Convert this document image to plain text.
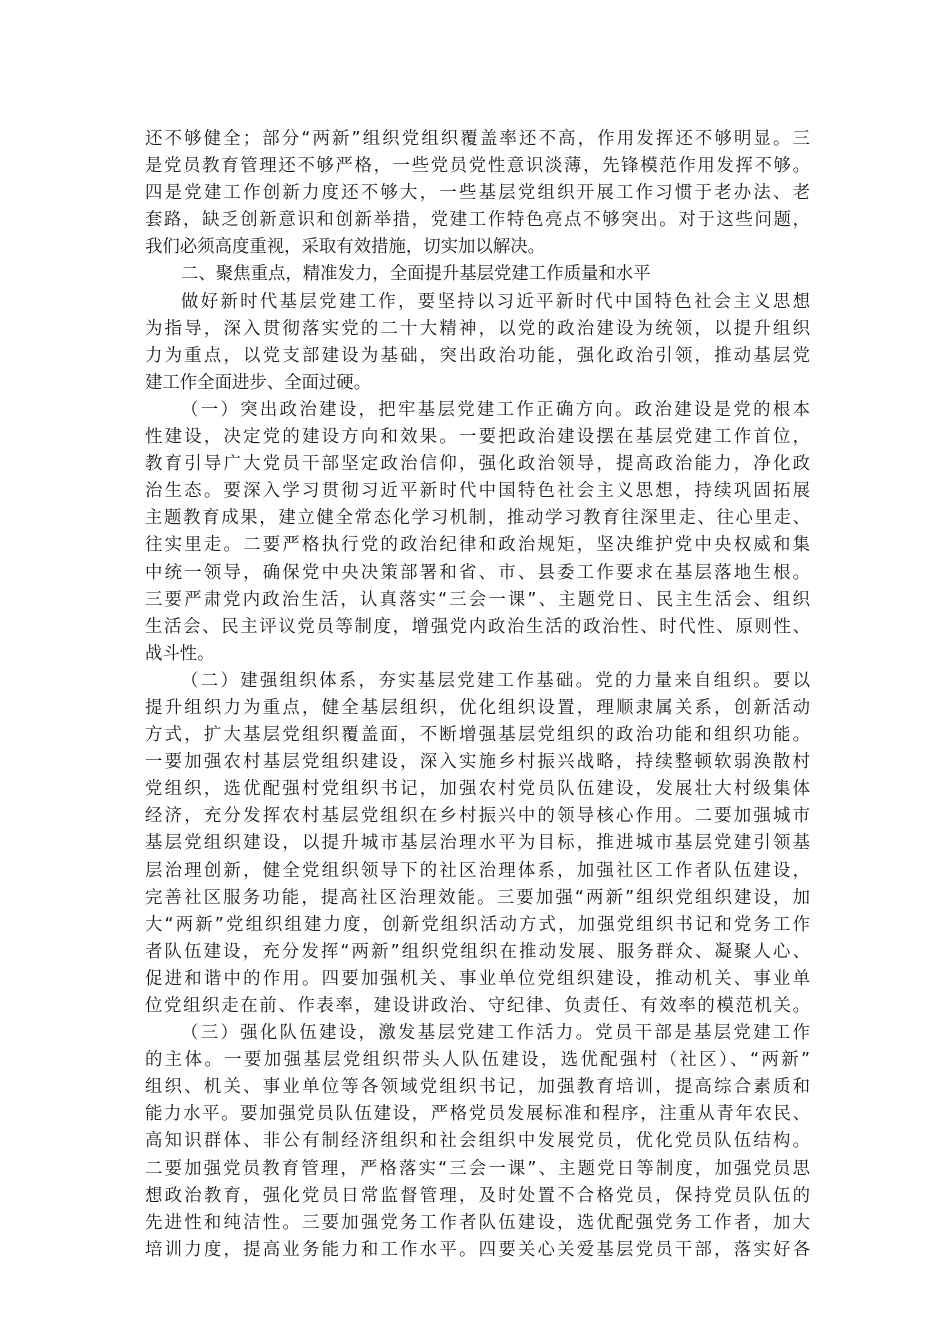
还不够健全；部分“两新”组织党组织覆盖率还不高，作用发挥还不够明显。三
是党员教育管理还不够严格，一些党员党性意识淡薄，先锋模范作用发挥不够。
四是党建工作创新力度还不够大，一些基层党组织开展工作习惯于老办法、老
套路，缺乏创新意识和创新举措，党建工作特色亮点不够突出。对于这些问题，
我们必须高度重视，采取有效措施，切实加以解决。
二、聚焦重点，精准发力，全面提升基层党建工作质量和水平
做好新时代基层党建工作，要坚持以习近平新时代中国特色社会主义思想
为指导，深入贯彻落实党的二十大精神，以党的政治建设为统领，以提升组织
力为重点，以党支部建设为基础，突出政治功能，强化政治引领，推动基层党
建工作全面进步、全面过硬。
（一）突出政治建设，把牢基层党建工作正确方向。政治建设是党的根本
性建设，决定党的建设方向和效果。一要把政治建设摆在基层党建工作首位，
教育引导广大党员干部坚定政治信仰，强化政治领导，提高政治能力，净化政
治生态。要深入学习贯彻习近平新时代中国特色社会主义思想，持续巩固拓展
主题教育成果，建立健全常态化学习机制，推动学习教育往深里走、往心里走、
往实里走。二要严格执行党的政治纪律和政治规矩，坚决维护党中央权威和集
中统一领导，确保党中央决策部署和省、市、县委工作要求在基层落地生根。
三要严肃党内政治生活，认真落实“三会一课”、主题党日、民主生活会、组织
生活会、民主评议党员等制度，增强党内政治生活的政治性、时代性、原则性、
战斗性。
（二）建强组织体系，夯实基层党建工作基础。党的力量来自组织。要以
提升组织力为重点，健全基层组织，优化组织设置，理顺隶属关系，创新活动
方式，扩大基层党组织覆盖面，不断增强基层党组织的政治功能和组织功能。
一要加强农村基层党组织建设，深入实施乡村振兴战略，持续整顿软弱涣散村
党组织，选优配强村党组织书记，加强农村党员队伍建设，发展壮大村级集体
经济，充分发挥农村基层党组织在乡村振兴中的领导核心作用。二要加强城市
基层党组织建设，以提升城市基层治理水平为目标，推进城市基层党建引领基
层治理创新，健全党组织领导下的社区治理体系，加强社区工作者队伍建设，
完善社区服务功能，提高社区治理效能。三要加强“两新”组织党组织建设，加
大“两新”党组织组建力度，创新党组织活动方式，加强党组织书记和党务工作
者队伍建设，充分发挥“两新”组织党组织在推动发展、服务群众、凝聚人心、
促进和谐中的作用。四要加强机关、事业单位党组织建设，推动机关、事业单
位党组织走在前、作表率，建设讲政治、守纪律、负责任、有效率的模范机关。
（三）强化队伍建设，激发基层党建工作活力。党员干部是基层党建工作
的主体。一要加强基层党组织带头人队伍建设，选优配强村（社区）、“两新”
组织、机关、事业单位等各领域党组织书记，加强教育培训，提高综合素质和
能力水平。要加强党员队伍建设，严格党员发展标准和程序，注重从青年农民、
高知识群体、非公有制经济组织和社会组织中发展党员，优化党员队伍结构。
二要加强党员教育管理，严格落实“三会一课”、主题党日等制度，加强党员思
想政治教育，强化党员日常监督管理，及时处置不合格党员，保持党员队伍的
先进性和纯洁性。三要加强党务工作者队伍建设，选优配强党务工作者，加大
培训力度，提高业务能力和工作水平。四要关心关爱基层党员干部，落实好各
